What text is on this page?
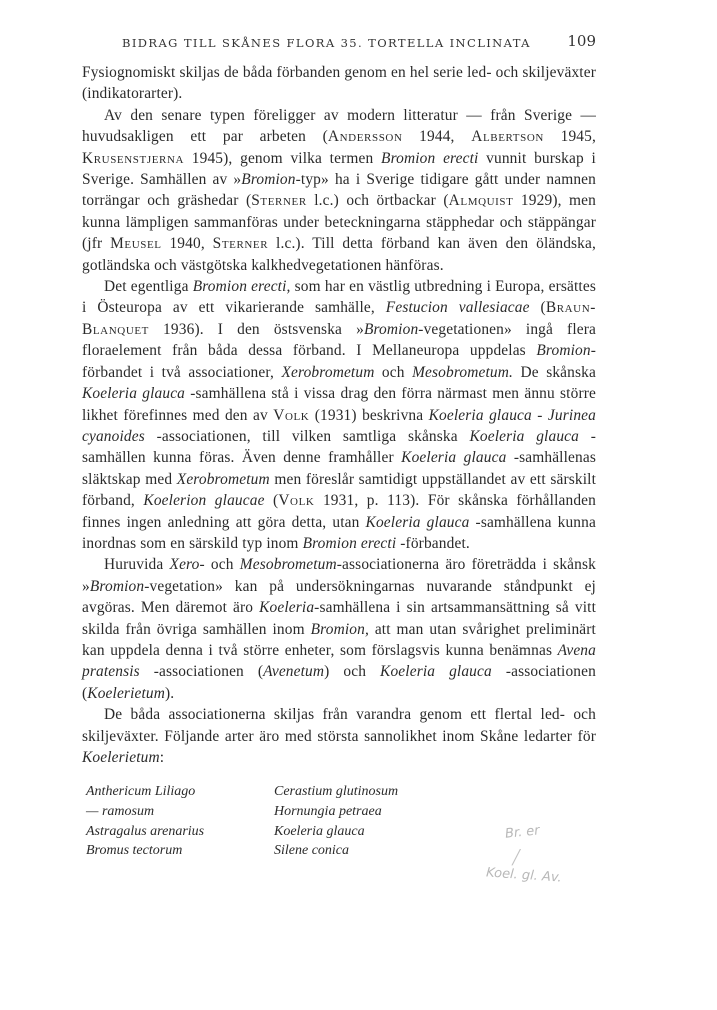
BIDRAG TILL SKÅNES FLORA 35. TORTELLA INCLINATA 109

Fysiognomiskt skiljas de båda förbanden genom en hel serie led- och skiljeväxter (indikatorarter).

Av den senare typen föreligger av modern litteratur — från Sverige — huvudsakligen ett par arbeten (Andersson 1944, Albertson 1945, Krusenstjerna 1945), genom vilka termen Bromion erecti vunnit burskap i Sverige. Samhällen av »Bromion-typ» ha i Sverige tidigare gått under namnen torrängar och gräshedar (Sterner l.c.) och örtbackar (Almquist 1929), men kunna lämpligen sammanföras under beteckningarna stäpphedar och stäppängar (jfr Meusel 1940, Sterner l.c.). Till detta förband kan även den öländska, gotländska och västgötska kalkhedvegetationen hänföras.

Det egentliga Bromion erecti, som har en västlig utbredning i Europa, ersättes i Östeuropa av ett vikarierande samhälle, Festucion vallesiacae (Braun-Blanquet 1936). I den östsvenska »Bromion-vegetationen» ingå flera floraelement från båda dessa förband. I Mellaneuropa uppdelas Bromion-förbandet i två associationer, Xerobrometum och Mesobrometum. De skånska Koeleria glauca -samhällena stå i vissa drag den förra närmast men ännu större likhet förefinnes med den av Volk (1931) beskrivna Koeleria glauca - Jurinea cyanoides -associationen, till vilken samtliga skånska Koeleria glauca -samhällen kunna föras. Även denne framhåller Koeleria glauca -samhällenas släktskap med Xerobrometum men föreslår samtidigt uppställandet av ett särskilt förband, Koelerion glaucae (Volk 1931, p. 113). För skånska förhållanden finnes ingen anledning att göra detta, utan Koeleria glauca -samhällena kunna inordnas som en särskild typ inom Bromion erecti -förbandet.

Huruvida Xero- och Mesobrometum-associationerna äro företrädda i skånsk »Bromion-vegetation» kan på undersökningarnas nuvarande ståndpunkt ej avgöras. Men däremot äro Koeleria-samhällena i sin artsammansättning så vitt skilda från övriga samhällen inom Bromion, att man utan svårighet preliminärt kan uppdela denna i två större enheter, som förslagsvis kunna benämnas Avena pratensis -associationen (Avenetum) och Koeleria glauca -associationen (Koelerietum).

De båda associationerna skiljas från varandra genom ett flertal led- och skiljeväxter. Följande arter äro med största sannolikhet inom Skåne ledarter för Koelerietum:

Anthericum Liliago
— ramosum
Astragalus arenarius
Bromus tectorum
Cerastium glutinosum
Hornungia petraea
Koeleria glauca
Silene conica
Br. er
╱
Koel. gl. Av.
